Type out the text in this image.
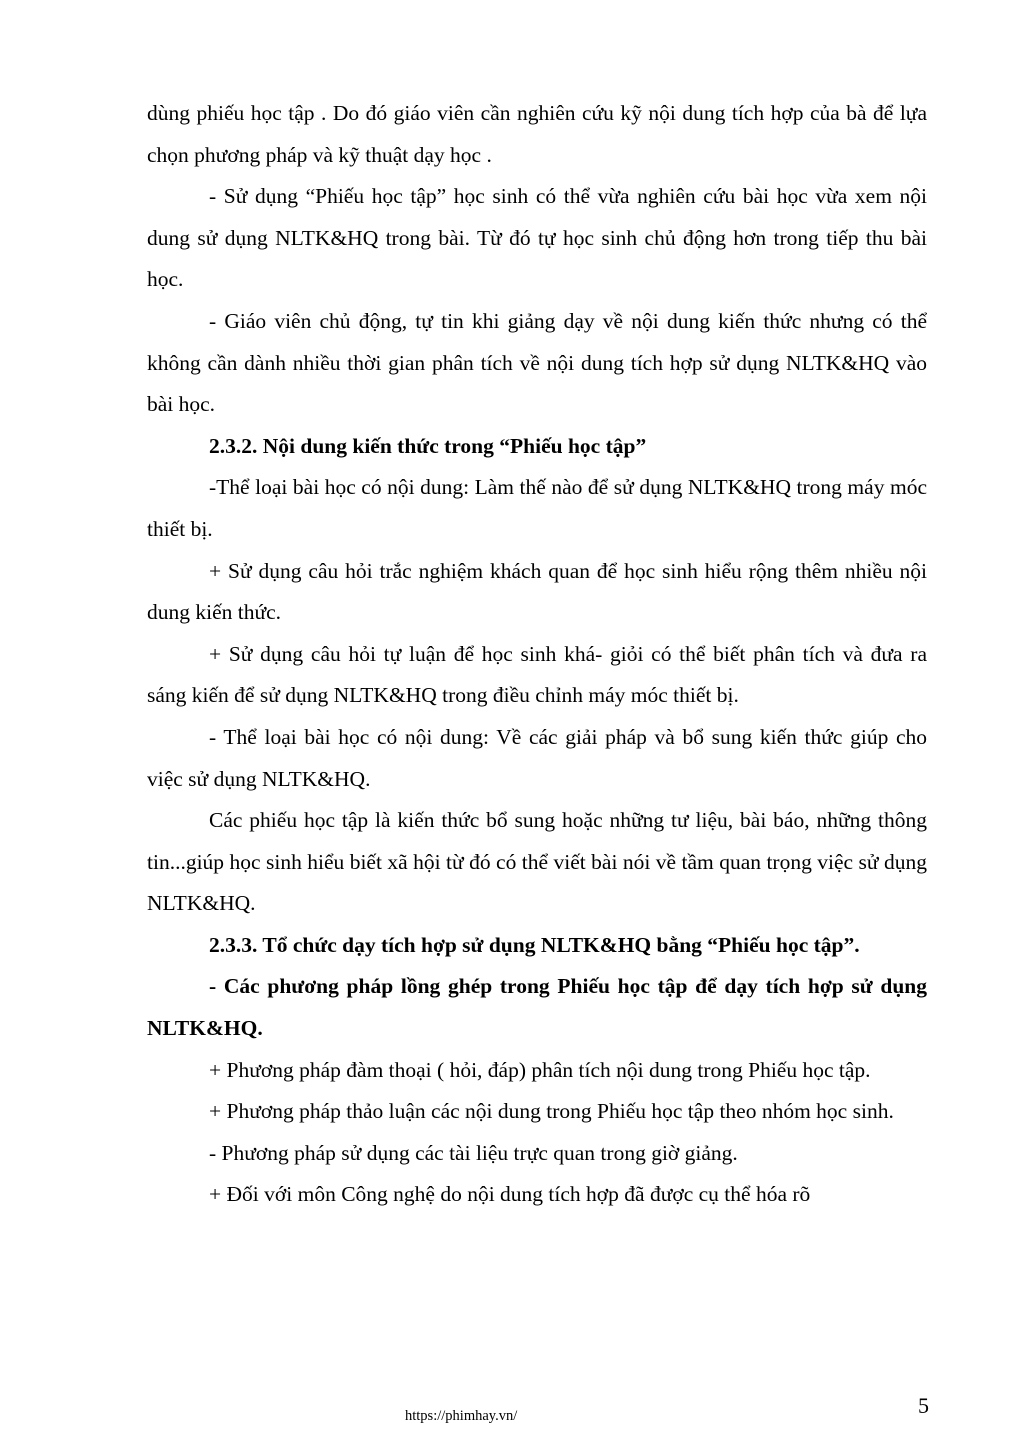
dùng phiếu học tập . Do đó giáo viên cần nghiên cứu kỹ nội dung tích hợp của bà để lựa chọn phương pháp và kỹ thuật dạy học .

- Sử dụng “Phiếu học tập” học sinh có thể vừa nghiên cứu bài học vừa xem nội dung sử dụng NLTK&HQ trong bài. Từ đó tự học sinh chủ động hơn trong tiếp thu bài học.

- Giáo viên chủ động, tự tin khi giảng dạy về nội dung kiến thức nhưng có thể không cần dành nhiều thời gian phân tích về nội dung tích hợp sử dụng NLTK&HQ vào bài học.

2.3.2. Nội dung kiến thức trong “Phiếu học tập”

-Thể loại bài học có nội dung: Làm thế nào để sử dụng NLTK&HQ trong máy móc thiết bị.

+ Sử dụng câu hỏi trắc nghiệm khách quan để học sinh hiểu rộng thêm nhiều nội dung kiến thức.

+ Sử dụng câu hỏi tự luận để học sinh khá- giỏi có thể biết phân tích và đưa ra sáng kiến để sử dụng NLTK&HQ trong điều chỉnh máy móc thiết bị.

- Thể loại bài học có nội dung: Về các giải pháp và bổ sung kiến thức giúp cho việc sử dụng NLTK&HQ.

Các phiếu học tập là kiến thức bổ sung hoặc những tư liệu, bài báo, những thông tin...giúp học sinh hiểu biết xã hội từ đó có thể viết bài nói về tầm quan trọng việc sử dụng NLTK&HQ.

2.3.3. Tổ chức dạy tích hợp sử dụng NLTK&HQ bằng “Phiếu học tập”.

- Các phương pháp lồng ghép trong Phiếu học tập để dạy tích hợp sử dụng NLTK&HQ.

+ Phương pháp đàm thoại ( hỏi, đáp) phân tích nội dung trong Phiếu học tập.

+ Phương pháp thảo luận các nội dung trong Phiếu học tập theo nhóm học sinh.

- Phương pháp sử dụng các tài liệu trực quan trong giờ giảng.

+ Đối với môn Công nghệ do nội dung tích hợp đã được cụ thể hóa rõ

5
https://phimhay.vn/
